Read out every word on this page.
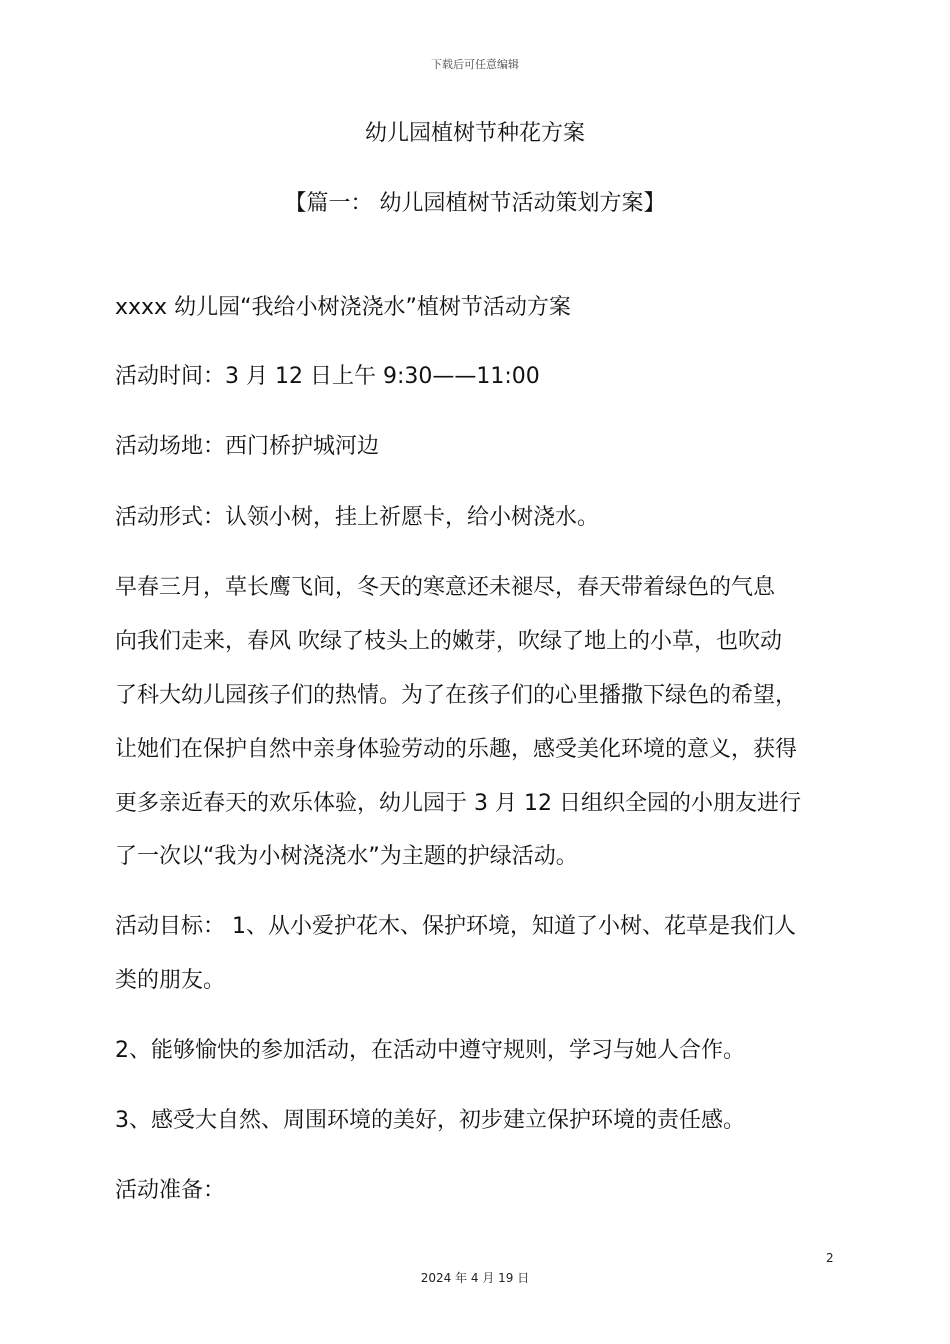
下载后可任意编辑
幼儿园植树节种花方案
【篇一： 幼儿园植树节活动策划方案】
xxxx 幼儿园“我给小树浇浇水”植树节活动方案
活动时间：3 月 12 日上午 9:30——11:00
活动场地：西门桥护城河边
活动形式：认领小树，挂上祈愿卡，给小树浇水。
早春三月，草长鹰飞间，冬天的寒意还未褪尽，春天带着绿色的气息
向我们走来，春风 吹绿了枝头上的嫩芽，吹绿了地上的小草，也吹动
了科大幼儿园孩子们的热情。为了在孩子们的心里播撒下绿色的希望，
让她们在保护自然中亲身体验劳动的乐趣，感受美化环境的意义，获得
更多亲近春天的欢乐体验，幼儿园于 3 月 12 日组织全园的小朋友进行
了一次以“我为小树浇浇水”为主题的护绿活动。
活动目标： 1、从小爱护花木、保护环境，知道了小树、花草是我们人
类的朋友。
2、能够愉快的参加活动，在活动中遵守规则，学习与她人合作。
3、感受大自然、周围环境的美好，初步建立保护环境的责任感。
活动准备：
2
2024 年 4 月 19 日
